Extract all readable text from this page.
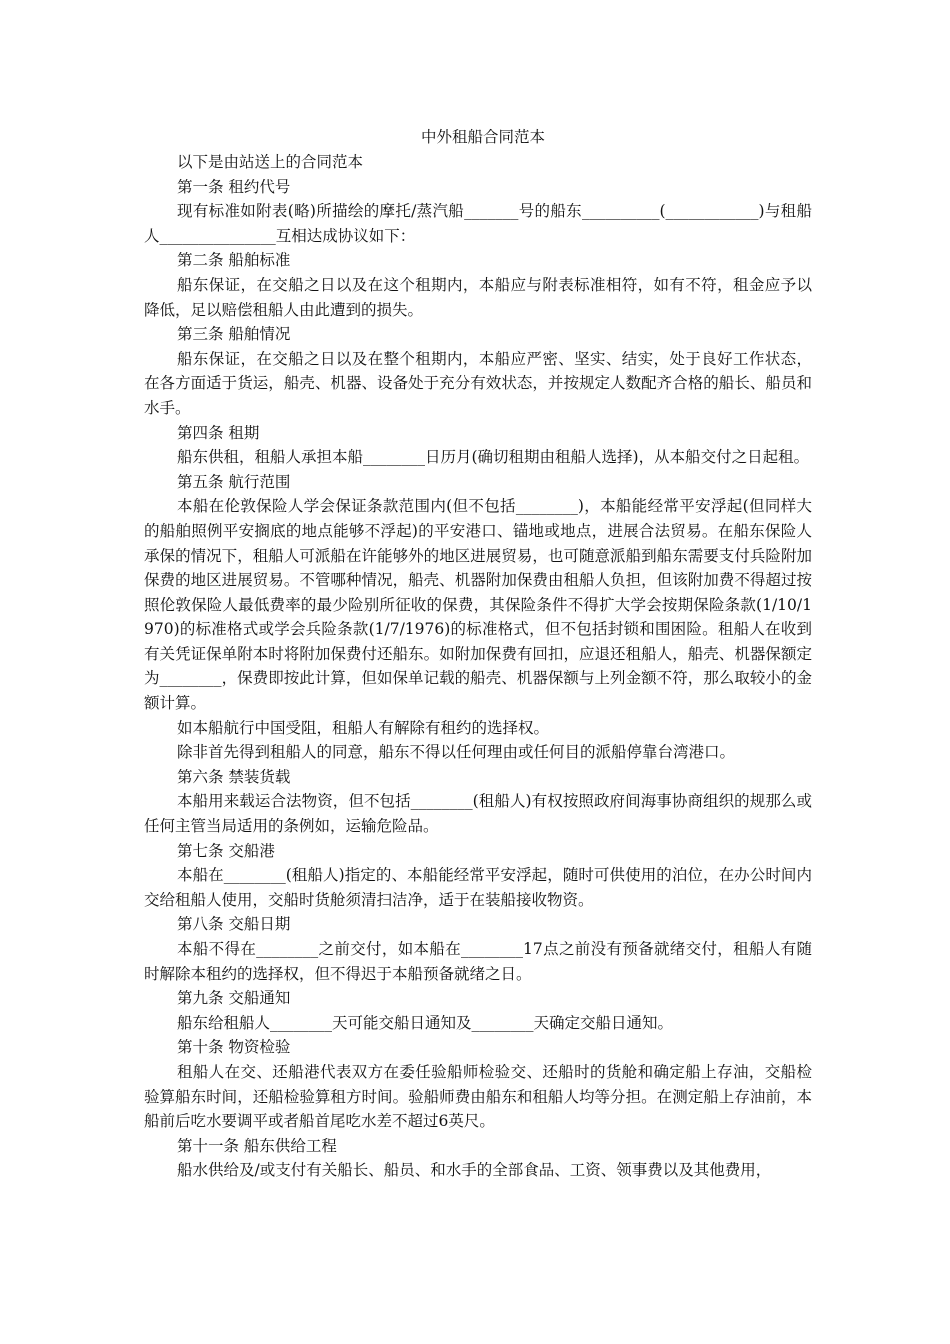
中外租船合同范本

以下是由站送上的合同范本

第一条 租约代号

现有标准如附表(略)所描绘的摩托/蒸汽船_______号的船东__________(____________)与租船人_______________互相达成协议如下：

第二条 船舶标准

船东保证，在交船之日以及在这个租期内，本船应与附表标准相符，如有不符，租金应予以降低，足以赔偿租船人由此遭到的损失。

第三条 船舶情况

船东保证，在交船之日以及在整个租期内，本船应严密、坚实、结实，处于良好工作状态，在各方面适于货运，船壳、机器、设备处于充分有效状态，并按规定人数配齐合格的船长、船员和水手。

第四条 租期

船东供租，租船人承担本船________日历月(确切租期由租船人选择)，从本船交付之日起租。

第五条 航行范围

本船在伦敦保险人学会保证条款范围内(但不包括________)，本船能经常平安浮起(但同样大的船舶照例平安搁底的地点能够不浮起)的平安港口、锚地或地点，进展合法贸易。在船东保险人承保的情况下，租船人可派船在许能够外的地区进展贸易，也可随意派船到船东需要支付兵险附加保费的地区进展贸易。不管哪种情况，船壳、机器附加保费由租船人负担，但该附加费不得超过按照伦敦保险人最低费率的最少险别所征收的保费，其保险条件不得扩大学会按期保险条款(1/10/1970)的标准格式或学会兵险条款(1/7/1976)的标准格式，但不包括封锁和围困险。租船人在收到有关凭证保单附本时将附加保费付还船东。如附加保费有回扣，应退还租船人，船壳、机器保额定为________，保费即按此计算，但如保单记载的船壳、机器保额与上列金额不符，那么取较小的金额计算。

如本船航行中国受阻，租船人有解除有租约的选择权。

除非首先得到租船人的同意，船东不得以任何理由或任何目的派船停靠台湾港口。

第六条 禁装货载

本船用来载运合法物资，但不包括________(租船人)有权按照政府间海事协商组织的规那么或任何主管当局适用的条例如，运输危险品。

第七条 交船港

本船在________(租船人)指定的、本船能经常平安浮起，随时可供使用的泊位，在办公时间内交给租船人使用，交船时货舱须清扫洁净，适于在装船接收物资。

第八条 交船日期

本船不得在________之前交付，如本船在________17点之前没有预备就绪交付，租船人有随时解除本租约的选择权，但不得迟于本船预备就绪之日。

第九条 交船通知

船东给租船人________天可能交船日通知及________天确定交船日通知。

第十条 物资检验

租船人在交、还船港代表双方在委任验船师检验交、还船时的货舱和确定船上存油，交船检验算船东时间，还船检验算租方时间。验船师费由船东和租船人均等分担。在测定船上存油前，本船前后吃水要调平或者船首尾吃水差不超过6英尺。

第十一条 船东供给工程

船水供给及/或支付有关船长、船员、和水手的全部食品、工资、领事费以及其他费用，
